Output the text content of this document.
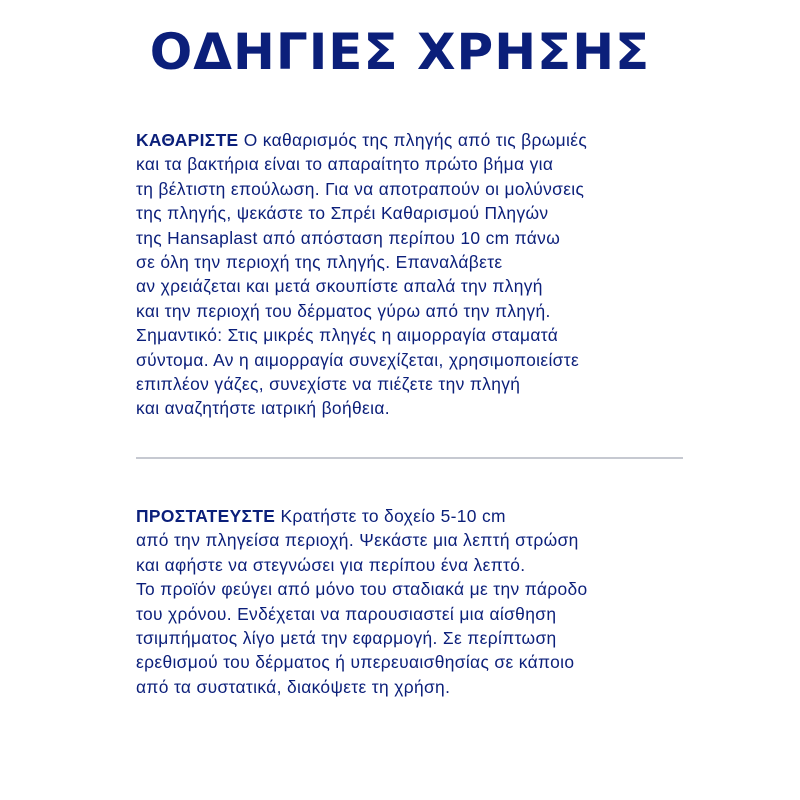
ΟΔΗΓΙΕΣ ΧΡΗΣΗΣ
ΚΑΘΑΡΙΣΤΕ Ο καθαρισμός της πληγής από τις βρωμιές
και τα βακτήρια είναι το απαραίτητο πρώτο βήμα για
τη βέλτιστη επούλωση. Για να αποτραπούν οι μολύνσεις
της πληγής, ψεκάστε το Σπρέι Καθαρισμού Πληγών
της Hansaplast από απόσταση περίπου 10 cm πάνω
σε όλη την περιοχή της πληγής. Επαναλάβετε
αν χρειάζεται και μετά σκουπίστε απαλά την πληγή
και την περιοχή του δέρματος γύρω από την πληγή.
Σημαντικό: Στις μικρές πληγές η αιμορραγία σταματά
σύντομα. Αν η αιμορραγία συνεχίζεται, χρησιμοποιείστε
επιπλέον γάζες, συνεχίστε να πιέζετε την πληγή
και αναζητήστε ιατρική βοήθεια.
ΠΡΟΣΤΑΤΕΥΣΤΕ Κρατήστε το δοχείο 5-10 cm
από την πληγείσα περιοχή. Ψεκάστε μια λεπτή στρώση
και αφήστε να στεγνώσει για περίπου ένα λεπτό.
Το προϊόν φεύγει από μόνο του σταδιακά με την πάροδο
του χρόνου. Ενδέχεται να παρουσιαστεί μια αίσθηση
τσιμπήματος λίγο μετά την εφαρμογή. Σε περίπτωση
ερεθισμού του δέρματος ή υπερευαισθησίας σε κάποιο
από τα συστατικά, διακόψετε τη χρήση.
